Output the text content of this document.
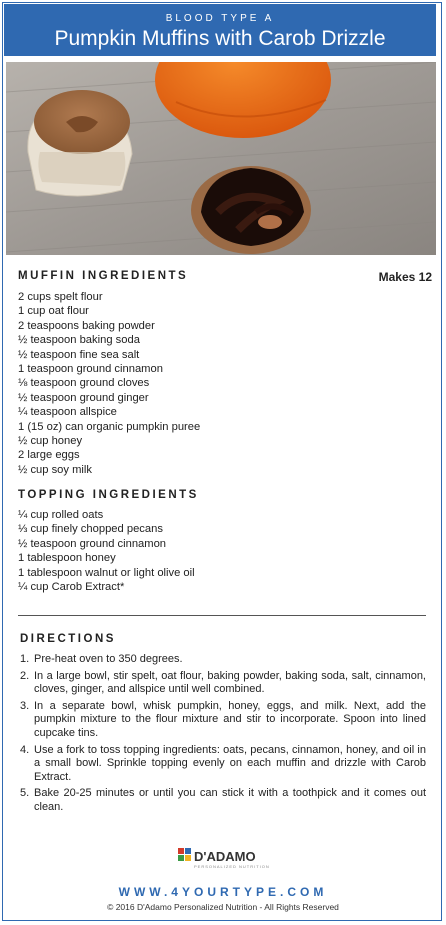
BLOOD TYPE A
Pumpkin Muffins with Carob Drizzle
MUFFIN INGREDIENTS	Makes 12
2 cups spelt flour
1 cup oat flour
2 teaspoons baking powder
½ teaspoon baking soda
½ teaspoon fine sea salt
1 teaspoon ground cinnamon
⅛ teaspoon ground cloves
½ teaspoon ground ginger
¼ teaspoon allspice
1 (15 oz) can organic pumpkin puree
½ cup honey
2 large eggs
½ cup soy milk
TOPPING INGREDIENTS
¼ cup rolled oats
⅓ cup finely chopped pecans
½ teaspoon ground cinnamon
1 tablespoon honey
1 tablespoon walnut or light olive oil
¼ cup Carob Extract*
DIRECTIONS
1. Pre-heat oven to 350 degrees.
2. In a large bowl, stir spelt, oat flour, baking powder, baking soda, salt, cinnamon, cloves, ginger, and allspice until well combined.
3. In a separate bowl, whisk pumpkin, honey, eggs, and milk. Next, add the pumpkin mixture to the flour mixture and stir to incorporate. Spoon into lined cupcake tins.
4. Use a fork to toss topping ingredients: oats, pecans, cinnamon, honey, and oil in a small bowl. Sprinkle topping evenly on each muffin and drizzle with Carob Extract.
5. Bake 20-25 minutes or until you can stick it with a toothpick and it comes out clean.
D'ADAMO
PERSONALIZED NUTRITION
WWW.4YOURTYPE.COM
© 2016 D'Adamo Personalized Nutrition - All Rights Reserved
